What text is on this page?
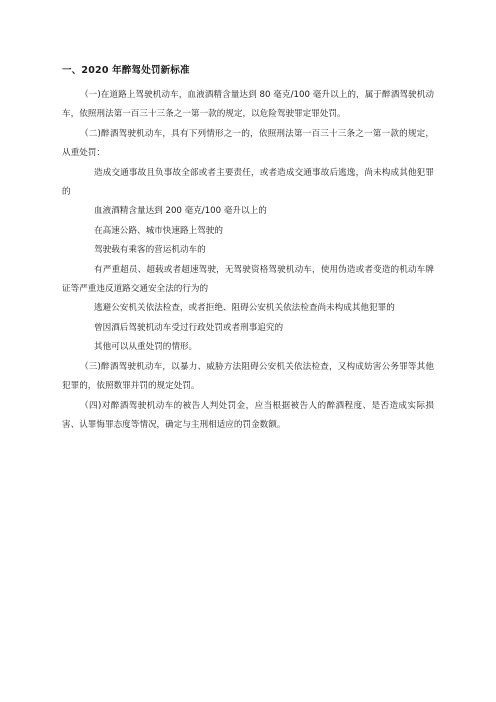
一、2020 年醉驾处罚新标准

（一)在道路上驾驶机动车，血液酒精含量达到 80 毫克/100 毫升以上的，属于醉酒驾驶机动车，依照刑法第一百三十三条之一第一款的规定，以危险驾驶罪定罪处罚。

（二)醉酒驾驶机动车，具有下列情形之一的，依照刑法第一百三十三条之一第一款的规定，从重处罚：

造成交通事故且负事故全部或者主要责任，或者造成交通事故后逃逸，尚未构成其他犯罪的

血液酒精含量达到 200 毫克/100 毫升以上的

在高速公路、城市快速路上驾驶的

驾驶载有乘客的营运机动车的

有严重超员、超载或者超速驾驶，无驾驶资格驾驶机动车，使用伪造或者变造的机动车牌证等严重违反道路交通安全法的行为的

逃避公安机关依法检查，或者拒绝、阻碍公安机关依法检查尚未构成其他犯罪的

曾因酒后驾驶机动车受过行政处罚或者刑事追究的

其他可以从重处罚的情形。

（三)醉酒驾驶机动车，以暴力、威胁方法阻碍公安机关依法检查，又构成妨害公务罪等其他犯罪的，依照数罪并罚的规定处罚。

（四)对醉酒驾驶机动车的被告人判处罚金，应当根据被告人的醉酒程度、是否造成实际损害、认罪悔罪态度等情况，确定与主刑相适应的罚金数额。
